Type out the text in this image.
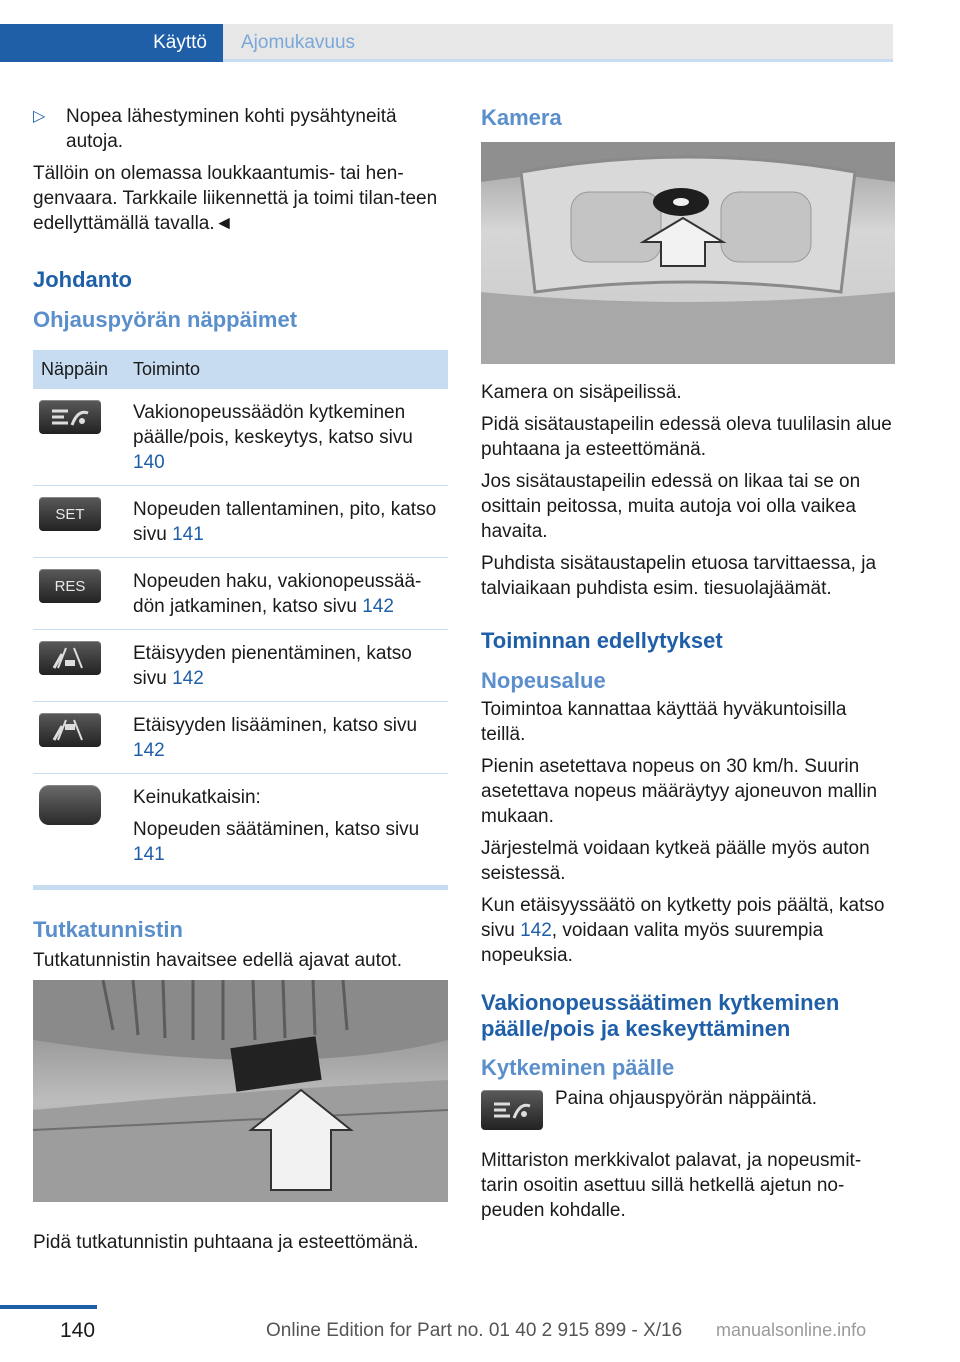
Käyttö Ajomukavuus
▷ Nopea lähestyminen kohti pysähtyneitä autoja.

Tällöin on olemassa loukkaantumis- tai hen-genvaara. Tarkkaile liikennettä ja toimi tilan-teen edellyttämällä tavalla.◄

Johdanto
Ohjauspyörän näppäimet
Näppäin	Toiminto

	Vakionopeussäädön kytkeminen päälle/pois, keskeytys, katso sivu 140

SET	Nopeuden tallentaminen, pito, katso sivu 141

RES	Nopeuden haku, vakionopeussää-dön jatkaminen, katso sivu 142

	Etäisyyden pienentäminen, katso sivu 142

	Etäisyyden lisääminen, katso sivu 142

	Keinukatkaisin:

Nopeuden säätäminen, katso sivu 141
Tutkatunnistin

Tutkatunnistin havaitsee edellä ajavat autot.

Pidä tutkatunnistin puhtaana ja esteettömänä.

Kamera

Kamera on sisäpeilissä.

Pidä sisätaustapeilin edessä oleva tuulilasin alue puhtaana ja esteettömänä.

Jos sisätaustapeilin edessä on likaa tai se on osittain peitossa, muita autoja voi olla vaikea havaita.

Puhdista sisätaustapelin etuosa tarvittaessa, ja talviaikaan puhdista esim. tiesuolajäämät.

Toiminnan edellytykset
Nopeusalue

Toimintoa kannattaa käyttää hyväkuntoisilla teillä.

Pienin asetettava nopeus on 30 km/h. Suurin asetettava nopeus määräytyy ajoneuvon mallin mukaan.

Järjestelmä voidaan kytkeä päälle myös auton seistessä.

Kun etäisyyssäätö on kytketty pois päältä, katso sivu 142, voidaan valita myös suurempia nopeuksia.

Vakionopeussäätimen kytkeminen päälle/pois ja keskeyttäminen
Kytkeminen päälle
Paina ohjauspyörän näppäintä.

Mittariston merkkivalot palavat, ja nopeusmit-tarin osoitin asettuu sillä hetkellä ajetun no-peuden kohdalle.

140	Online Edition for Part no. 01 40 2 915 899 - X/16 manualsonline.info
